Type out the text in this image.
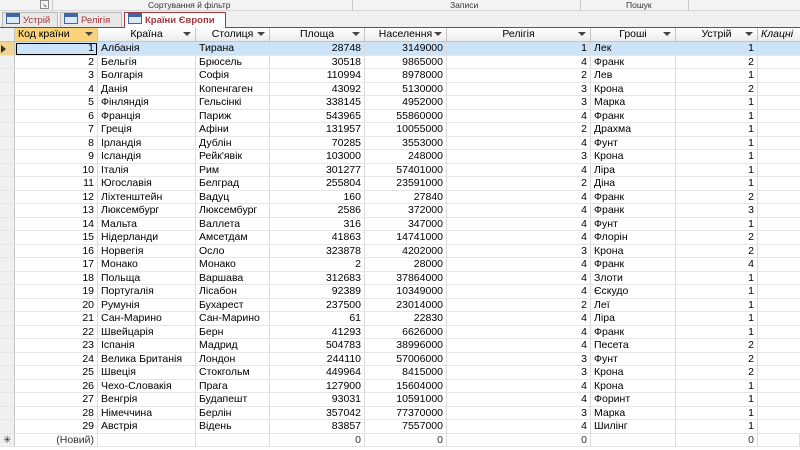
↘	Сортування й фільтр	Записи	Пошук
Устрій	Релігія	Країни Європи
Код країни	Країна	Столиця	Площа	Населення	Релігія	Гроші	Устрій	Клацні
1 Албанія	Тирана	28748	3149000	1 Лек	1
2 Бельгія	Брюсель	30518	9865000	4 Франк	2
3 Болгарія	Софія	110994	8978000	2 Лев	1
4 Данія	Копенгаген	43092	5130000	3 Крона	2
5 Фінляндія	Гельсінкі	338145	4952000	3 Марка	1
6 Франція	Париж	543965	55860000	4 Франк	1
7 Греція	Афіни	131957	10055000	2 Драхма	1
8 Ірландія	Дублін	70285	3553000	4 Фунт	1
9 Ісландія	Рейк'явік	103000	248000	3 Крона	1
10 Італія	Рим	301277	57401000	4 Ліра	1
11 Югославія	Белград	255804	23591000	2 Діна	1
12 Ліхтенштейн	Вадуц	160	27840	4 Франк	2
13 Люксембург	Люксембург	2586	372000	4 Франк	3
14 Мальта	Валлета	316	347000	4 Фунт	1
15 Нідерланди	Амсетдам	41863	14741000	4 Флорін	2
16 Норвегія	Осло	323878	4202000	3 Крона	2
17 Монако	Монако	2	28000	4 Франк	4
18 Польща	Варшава	312683	37864000	4 Злоти	1
19 Португалія	Лісабон	92389	10349000	4 Єскудо	1
20 Румунія	Бухарест	237500	23014000	2 Леї	1
21 Сан-Марино	Сан-Марино	61	22830	4 Ліра	1
22 Швейцарія	Берн	41293	6626000	4 Франк	1
23 Іспанія	Мадрид	504783	38996000	4 Песета	2
24 Велика Британія	Лондон	244110	57006000	3 Фунт	2
25 Швеція	Стокгольм	449964	8415000	3 Крона	2
26 Чехо-Словакія	Прага	127900	15604000	4 Крона	1
27 Венгрія	Будапешт	93031	10591000	4 Форинт	1
28 Німеччина	Берлін	357042	77370000	3 Марка	1
29 Австрія	Відень	83857	7557000	4 Шилінг	1
✳	(Новий)	0	0	0	0
